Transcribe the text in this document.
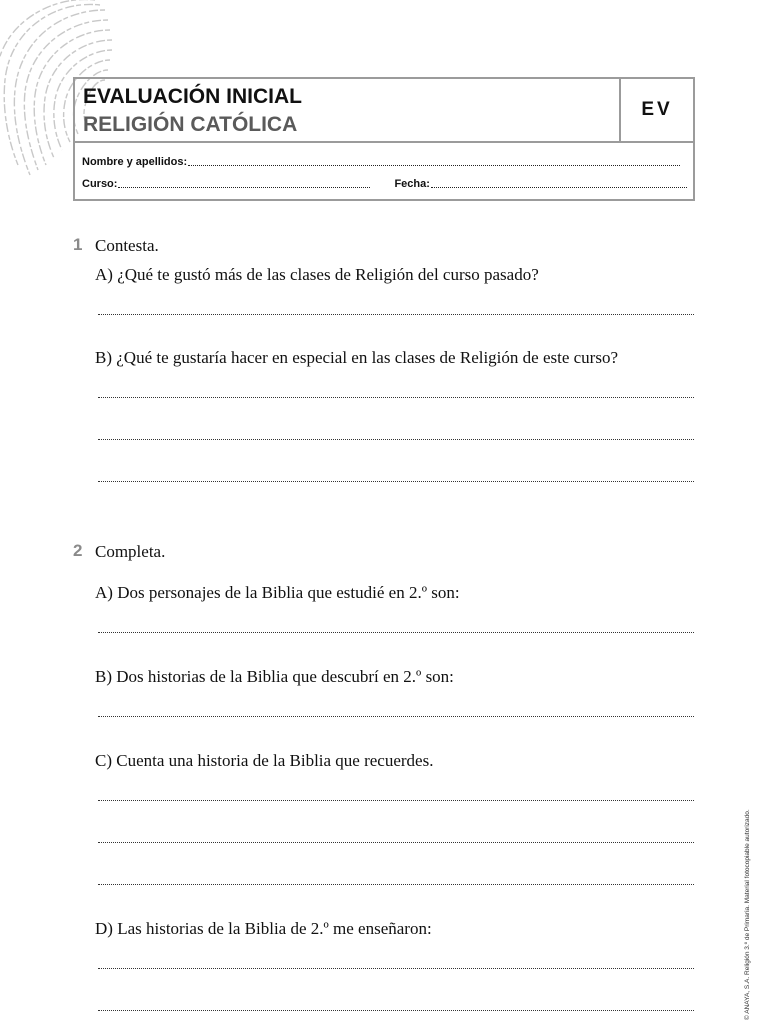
EVALUACIÓN INICIAL
RELIGIÓN CATÓLICA
EV
Nombre y apellidos:
Curso:	Fecha:
1 Contesta.
A) ¿Qué te gustó más de las clases de Religión del curso pasado?
B) ¿Qué te gustaría hacer en especial en las clases de Religión de este curso?
2 Completa.
A) Dos personajes de la Biblia que estudié en 2.º son:
B) Dos historias de la Biblia que descubrí en 2.º son:
C) Cuenta una historia de la Biblia que recuerdes.
D) Las historias de la Biblia de 2.º me enseñaron:	© ANAYA, S.A. Religión 3.º de Primaria. Material fotocopiable autorizado.
